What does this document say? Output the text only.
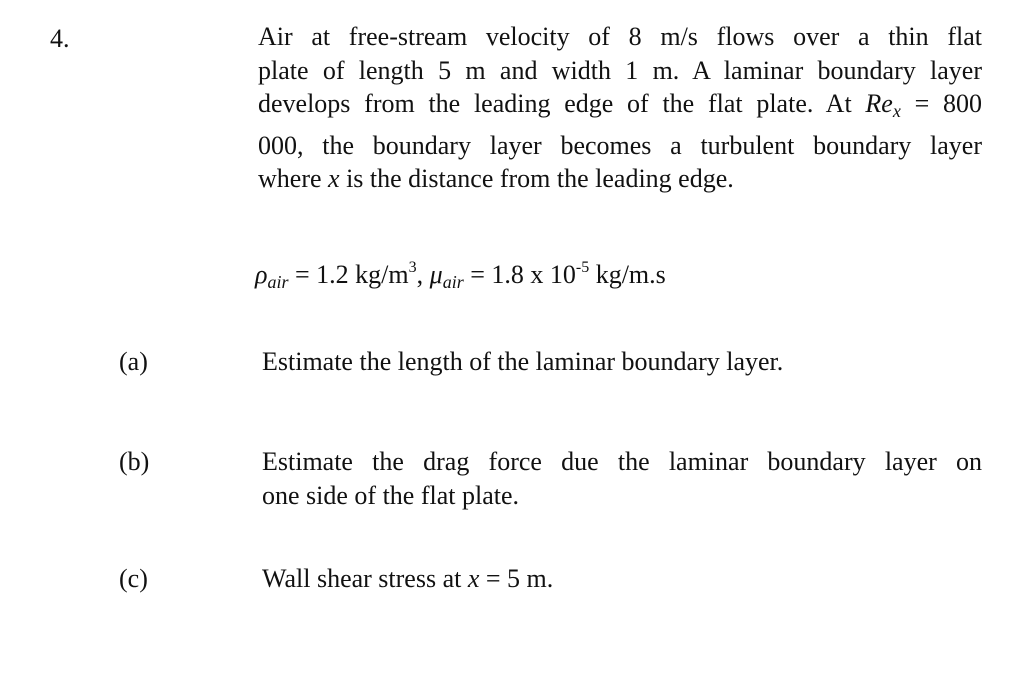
4.	Air at free-stream velocity of 8 m/s flows over a thin flat
plate of length 5 m and width 1 m. A laminar boundary layer
develops from the leading edge of the flat plate. At $Re_x = 800$
000, the boundary layer becomes a turbulent boundary layer
where x is the distance from the leading edge.
$\rho_{air} = 1.2$ $kg/m^3$, $\mu_{air} = 1.8$ x $10^{-5}$ kg/m.s
(a)	Estimate the length of the laminar boundary layer.
(b)	Estimate the drag force due the laminar boundary layer on
one side of the flat plate.
(c)	Wall shear stress at x = 5 m.
